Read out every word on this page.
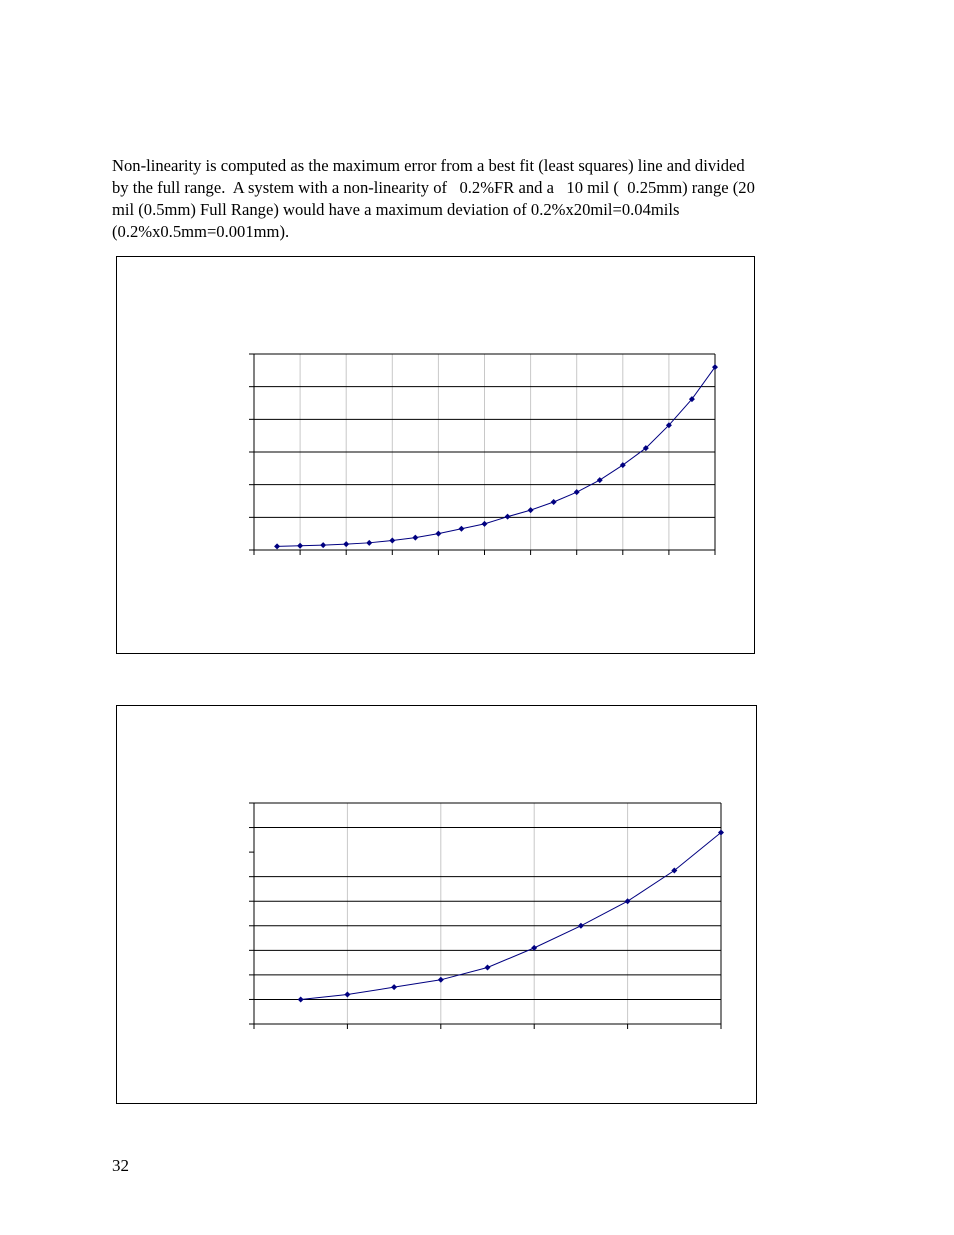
Non-linearity is computed as the maximum error from a best fit (least squares) line and divided
by the full range.  A system with a non-linearity of   0.2%FR and a   10 mil (  0.25mm) range (20
mil (0.5mm) Full Range) would have a maximum deviation of 0.2%x20mil=0.04mils
(0.2%x0.5mm=0.001mm).
32
